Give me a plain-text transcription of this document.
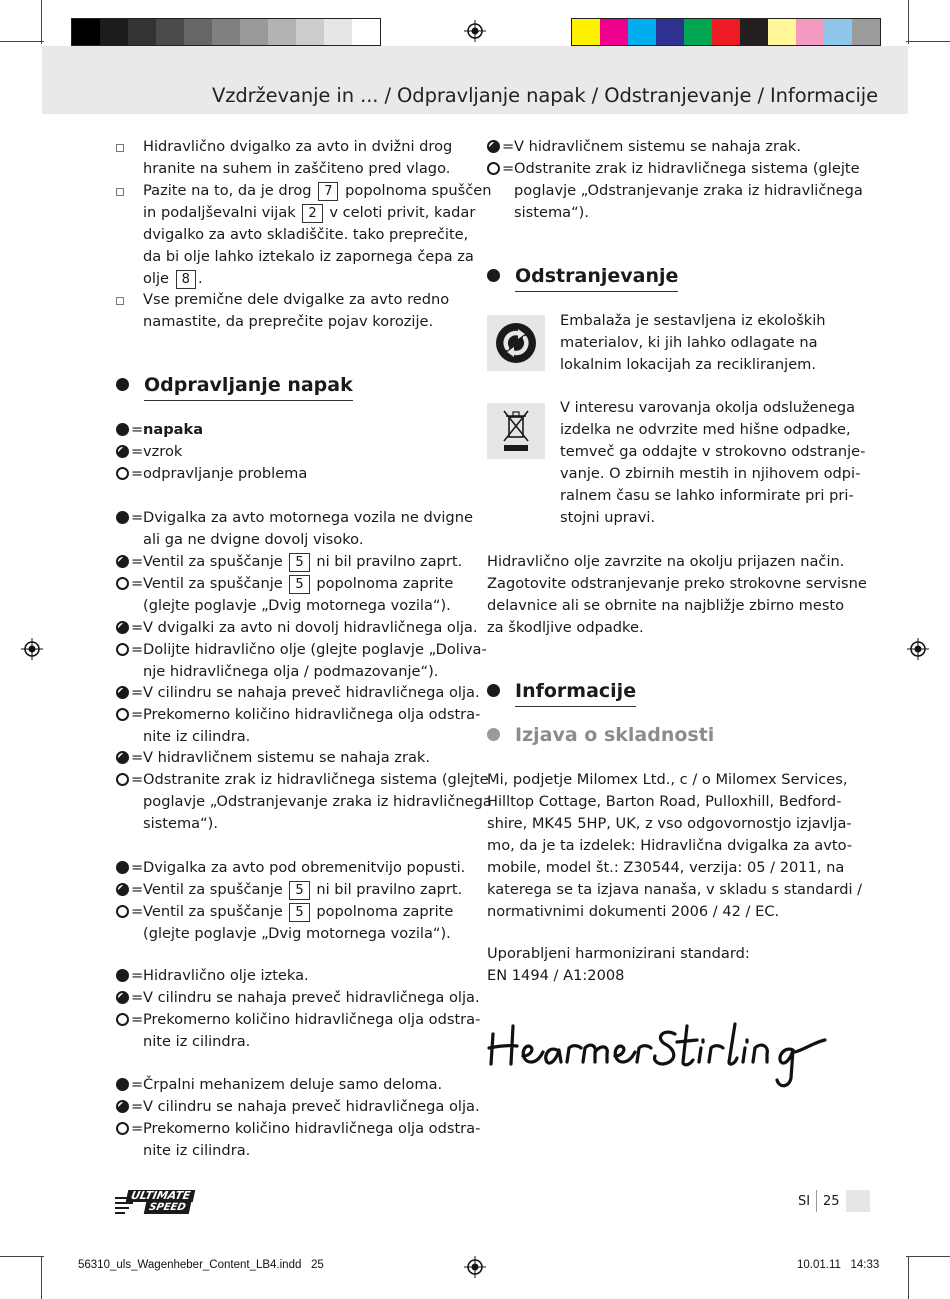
Vzdrževanje in ... / Odpravljanje napak / Odstranjevanje / Informacije
Hidravlično dvigalko za avto in dvižni drog
hranite na suhem in zaščiteno pred vlago.
Pazite na to, da je drog 7 popolnoma spuščen
in podaljševalni vijak 2 v celoti privit, kadar
dvigalko za avto skladiščite. tako preprečite,
da bi olje lahko iztekalo iz zapornega čepa za
olje 8 .
Vse premične dele dvigalke za avto redno
namastite, da preprečite pojav korozije.
Odpravljanje napak
= napaka
= vzrok
= odpravljanje problema
= Dvigalka za avto motornega vozila ne dvigne
ali ga ne dvigne dovolj visoko.
= Ventil za spuščanje 5 ni bil pravilno zaprt.
= Ventil za spuščanje 5 popolnoma zaprite
(glejte poglavje „Dvig motornega vozila“).
= V dvigalki za avto ni dovolj hidravličnega olja.
= Dolijte hidravlično olje (glejte poglavje „Doliva-
nje hidravličnega olja / podmazovanje“).
= V cilindru se nahaja preveč hidravličnega olja.
= Prekomerno količino hidravličnega olja odstra-
nite iz cilindra.
= V hidravličnem sistemu se nahaja zrak.
= Odstranite zrak iz hidravličnega sistema (glejte
poglavje „Odstranjevanje zraka iz hidravličnega
sistema“).
= Dvigalka za avto pod obremenitvijo popusti.
= Ventil za spuščanje 5 ni bil pravilno zaprt.
= Ventil za spuščanje 5 popolnoma zaprite
(glejte poglavje „Dvig motornega vozila“).
= Hidravlično olje izteka.
= V cilindru se nahaja preveč hidravličnega olja.
= Prekomerno količino hidravličnega olja odstra-
nite iz cilindra.
= Črpalni mehanizem deluje samo deloma.
= V cilindru se nahaja preveč hidravličnega olja.
= Prekomerno količino hidravličnega olja odstra-
nite iz cilindra.
= V hidravličnem sistemu se nahaja zrak.
= Odstranite zrak iz hidravličnega sistema (glejte
poglavje „Odstranjevanje zraka iz hidravličnega
sistema“).
Odstranjevanje
Embalaža je sestavljena iz ekoloških
materialov, ki jih lahko odlagate na
lokalnim lokacijah za recikliranjem.
V interesu varovanja okolja odsluženega
izdelka ne odvrzite med hišne odpadke,
temveč ga oddajte v strokovno odstranje-
vanje. O zbirnih mestih in njihovem odpi-
ralnem času se lahko informirate pri pri-
stojni upravi.
Hidravlično olje zavrzite na okolju prijazen način.
Zagotovite odstranjevanje preko strokovne servisne
delavnice ali se obrnite na najbližje zbirno mesto
za škodljive odpadke.
Informacije
Izjava o skladnosti
Mi, podjetje Milomex Ltd., c / o Milomex Services,
Hilltop Cottage, Barton Road, Pulloxhill, Bedford-
shire, MK45 5HP, UK, z vso odgovornostjo izjavlja-
mo, da je ta izdelek: Hidravlična dvigalka za avto-
mobile, model št.: Z30544, verzija: 05 / 2011, na
katerega se ta izjava nanaša, v skladu s standardi /
normativnimi dokumenti 2006 / 42 / EC.
Uporabljeni harmonizirani standard:
EN 1494 / A1:2008
ULTIMATE
SPEED	SI 25
56310_uls_Wagenheber_Content_LB4.indd   25	10.01.11   14:33
